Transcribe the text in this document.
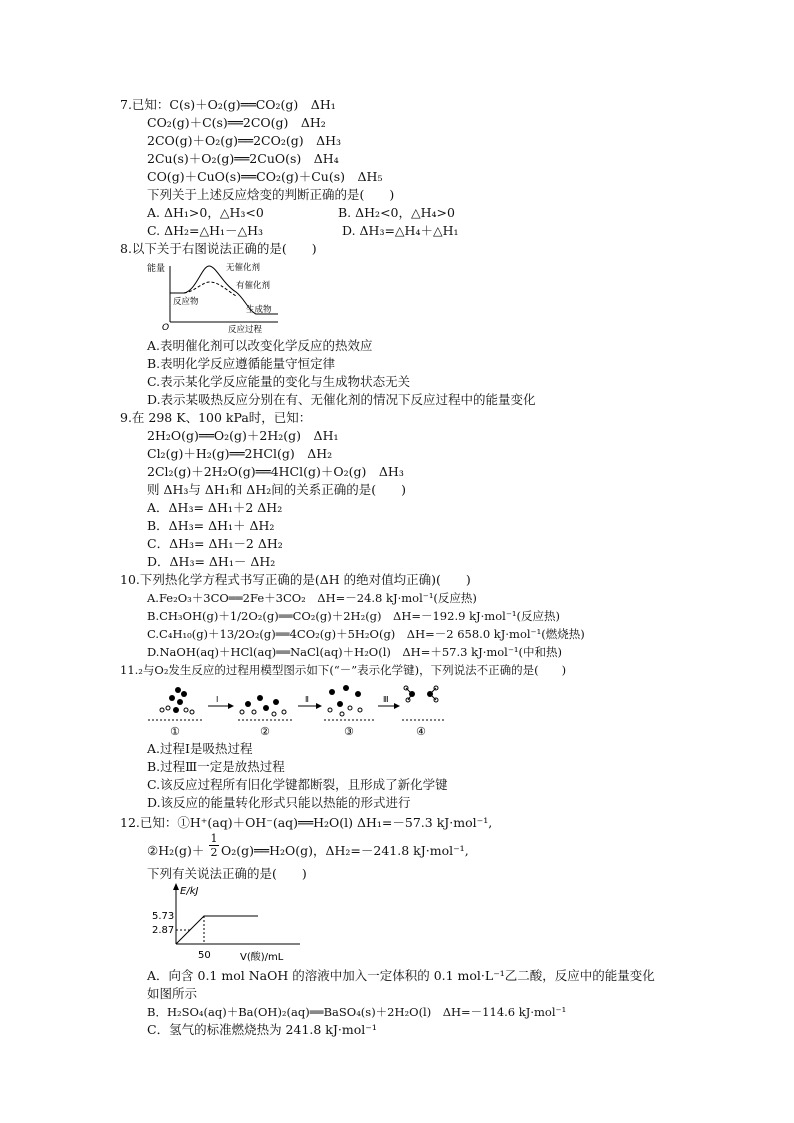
7.已知：C(s)＋O₂(g)══CO₂(g)　ΔH₁
CO₂(g)＋C(s)══2CO(g)　ΔH₂
2CO(g)＋O₂(g)══2CO₂(g)　ΔH₃
2Cu(s)＋O₂(g)══2CuO(s)　ΔH₄
CO(g)＋CuO(s)══CO₂(g)＋Cu(s)　ΔH₅
下列关于上述反应焓变的判断正确的是(　　)
A. ΔH₁>0，△H₃<0	B. ΔH₂<0，△H₄>0
C. ΔH₂=△H₁－△H₃	D. ΔH₃=△H₄＋△H₁
8.以下关于右图说法正确的是(　　)
能量
O	反应过程
无催化剂
有催化剂
反应物
生成物
A.表明催化剂可以改变化学反应的热效应
B.表明化学反应遵循能量守恒定律
C.表示某化学反应能量的变化与生成物状态无关
D.表示某吸热反应分别在有、无催化剂的情况下反应过程中的能量变化
9.在 298 K、100 kPa时，已知：
2H₂O(g)══O₂(g)＋2H₂(g)　ΔH₁
Cl₂(g)＋H₂(g)══2HCl(g)　ΔH₂
2Cl₂(g)＋2H₂O(g)══4HCl(g)＋O₂(g)　ΔH₃
则 ΔH₃与 ΔH₁和 ΔH₂间的关系正确的是(　　)
A．ΔH₃= ΔH₁＋2 ΔH₂
B．ΔH₃= ΔH₁＋ ΔH₂
C．ΔH₃= ΔH₁－2 ΔH₂
D．ΔH₃= ΔH₁－ ΔH₂
10.下列热化学方程式书写正确的是(ΔH 的绝对值均正确)(　　)
A.Fe₂O₃＋3CO══2Fe＋3CO₂　ΔH=－24.8 kJ·mol⁻¹(反应热)
B.CH₃OH(g)＋1/2O₂(g)══CO₂(g)＋2H₂(g)　ΔH=－192.9 kJ·mol⁻¹(反应热)
C.C₄H₁₀(g)＋13/2O₂(g)══4CO₂(g)＋5H₂O(g)　ΔH=－2 658.0 kJ·mol⁻¹(燃烧热)
D.NaOH(aq)＋HCl(aq)══NaCl(aq)＋H₂O(l)　ΔH=＋57.3 kJ·mol⁻¹(中和热)
11.₂与O₂发生反应的过程用模型图示如下(“－”表示化学键)，下列说法不正确的是(　　)
Ⅰ	Ⅱ	Ⅲ
①	②	③	④
A.过程Ⅰ是吸热过程
B.过程Ⅲ一定是放热过程
C.该反应过程所有旧化学键都断裂，且形成了新化学键
D.该反应的能量转化形式只能以热能的形式进行
12.已知：①H⁺(aq)＋OH⁻(aq)══H₂O(l) ΔH₁=－57.3 kJ·mol⁻¹,
②H₂(g)＋ $\frac{1}{2}$ O₂(g)══H₂O(g)，ΔH₂=－241.8 kJ·mol⁻¹,
下列有关说法正确的是(　　)
E/kJ
5.73
2.87
50	V(酸)/mL
A．向含 0.1 mol NaOH 的溶液中加入一定体积的 0.1 mol·L⁻¹乙二酸，反应中的能量变化
如图所示
B．H₂SO₄(aq)＋Ba(OH)₂(aq)══BaSO₄(s)＋2H₂O(l)　ΔH=－114.6 kJ·mol⁻¹
C．氢气的标准燃烧热为 241.8 kJ·mol⁻¹
